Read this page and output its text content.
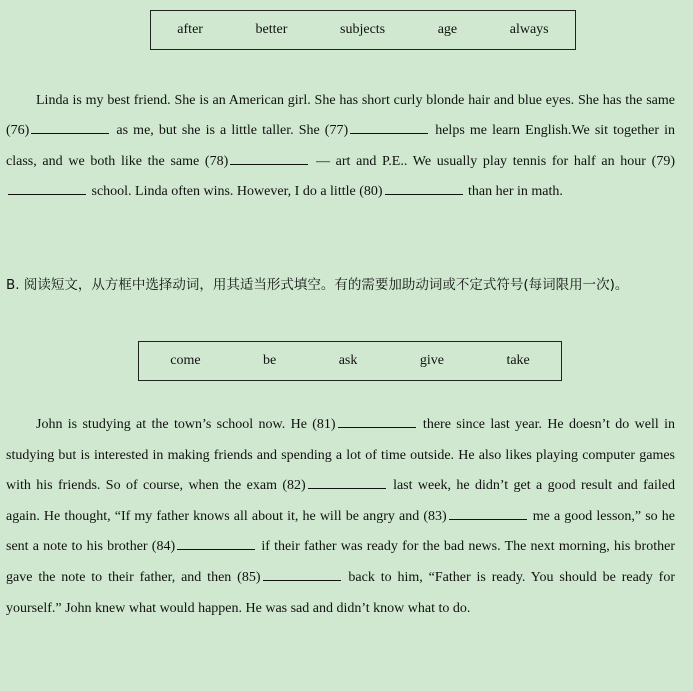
after	better	subjects	age	always
Linda is my best friend. She is an American girl. She has short curly blonde hair and blue eyes. She has the same (76)	as me, but she is a little taller. She (77)	helps me learn English.We sit together in class, and we both like the same (78)	— art and P.E.. We usually play tennis for half an hour (79) school. Linda often wins. However, I do a little (80)	than her in math.
B. 阅读短文，从方框中选择动词，用其适当形式填空。有的需要加助动词或不定式符号(每词限用一次)。
come	be	ask	give	take
John is studying at the town’s school now. He (81)	there since last year. He doesn’t do well in studying but is interested in making friends and spending a lot of time outside. He also likes playing computer games with his friends. So of course, when the exam (82)	last week, he didn’t get a good result and failed again. He thought, “If my father knows all about it, he will be angry and (83)	me a good lesson,” so he sent a note to his brother (84)	if their father was ready for the bad news. The next morning, his brother gave the note to their father, and then (85)	back to him, “Father is ready. You should be ready for yourself.” John knew what would happen. He was sad and didn’t know what to do.
